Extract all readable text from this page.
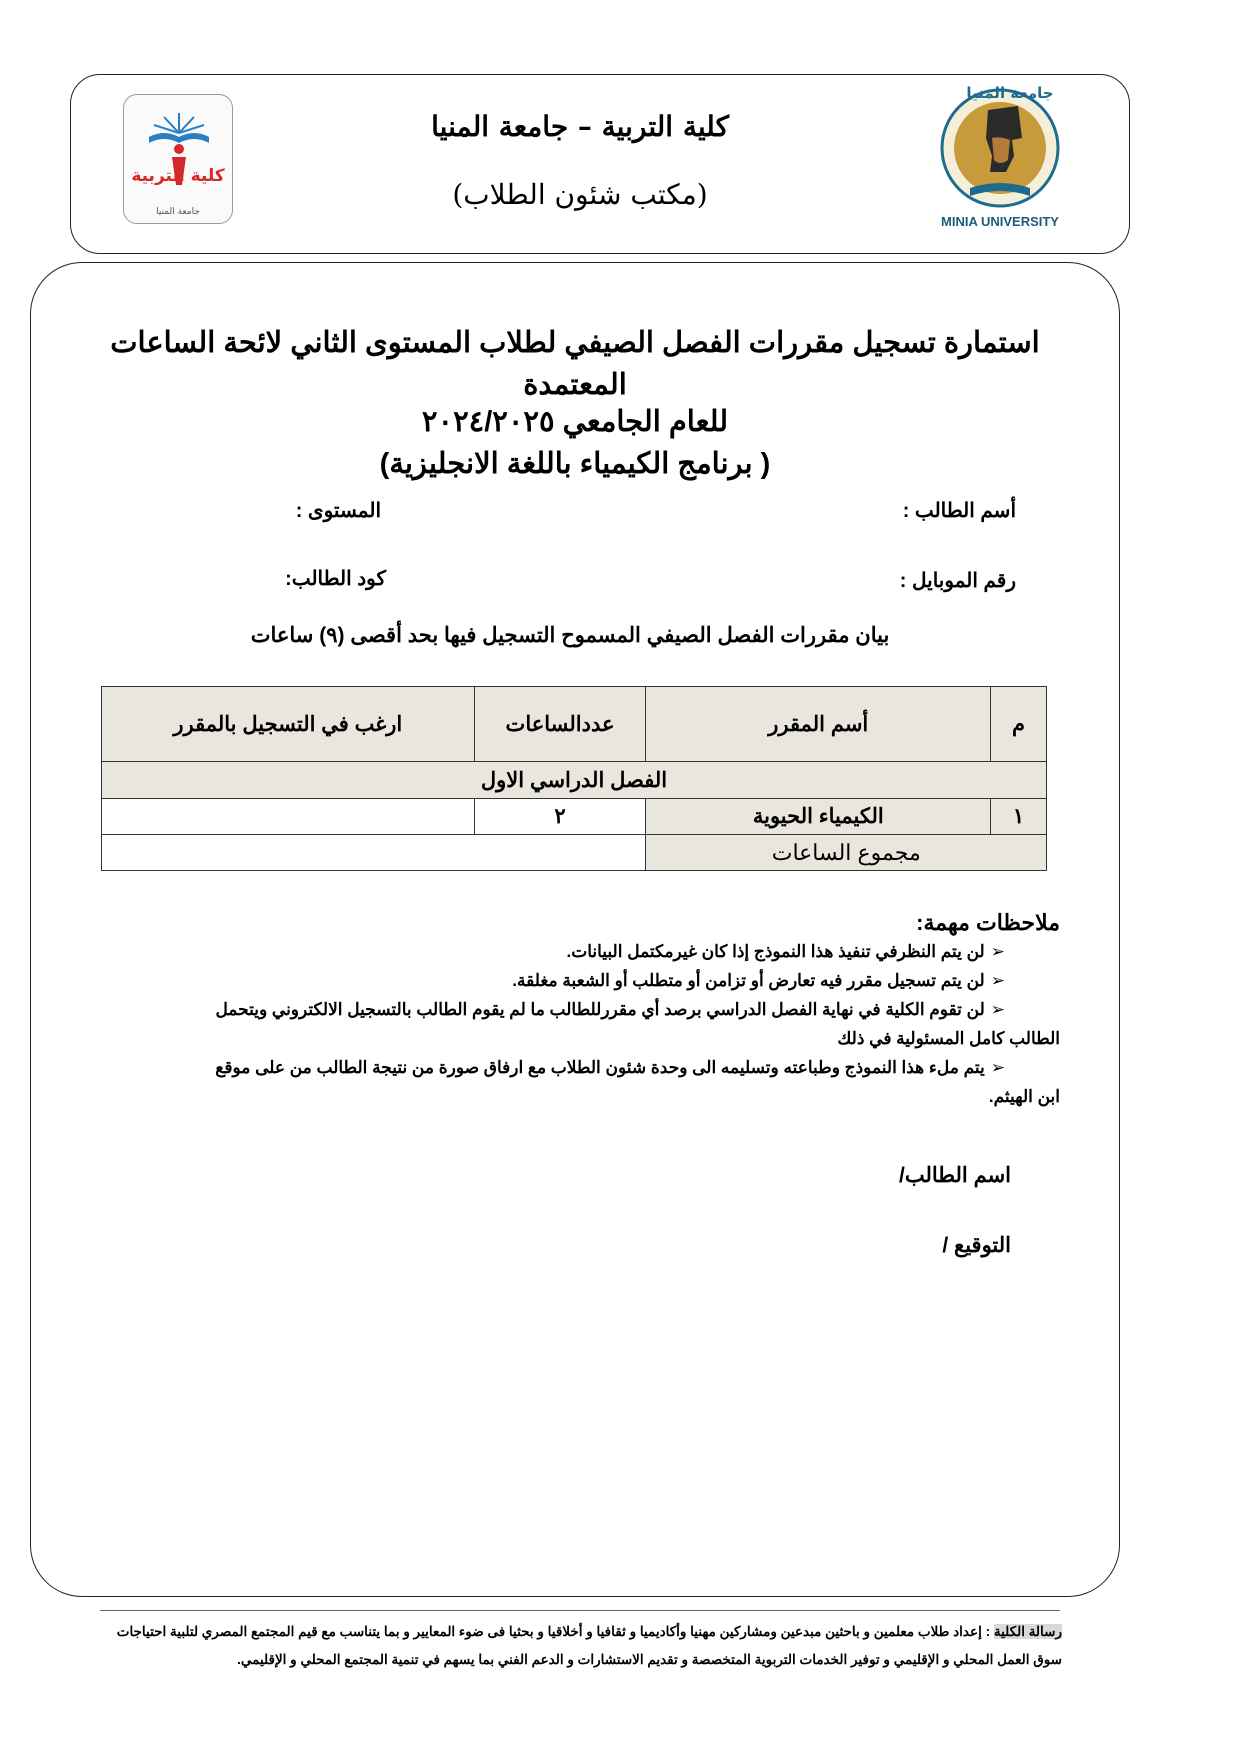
كلية التربية
جامعة المنيا
جامعة المنيا
MINIA UNIVERSITY
كلية التربية – جامعة المنيا
(مكتب شئون الطلاب)
استمارة تسجيل مقررات الفصل الصيفي لطلاب المستوى الثاني لائحة الساعات
المعتمدة
للعام الجامعي ٢٠٢٤/٢٠٢٥
( برنامج الكيمياء باللغة الانجليزية)
أسم الطالب :
المستوى :
رقم الموبايل :
كود الطالب:
بيان مقررات الفصل الصيفي المسموح التسجيل فيها بحد أقصى (٩) ساعات
م	أسم المقرر	عددالساعات	ارغب في التسجيل بالمقرر
الفصل الدراسي الاول			
١	الكيمياء الحيوية	٢	
مجموع الساعات			
ملاحظات مهمة:
➢لن يتم النظرفي تنفيذ هذا النموذج إذا كان غيرمكتمل البيانات.
➢لن يتم تسجيل مقرر فيه تعارض أو تزامن أو متطلب أو الشعبة مغلقة.
➢لن تقوم الكلية في نهاية الفصل الدراسي برصد أي مقررللطالب ما لم يقوم الطالب بالتسجيل الالكتروني ويتحمل
الطالب كامل المسئولية في ذلك
➢يتم ملء هذا النموذج وطباعته وتسليمه الى وحدة شئون الطلاب مع ارفاق صورة من نتيجة الطالب من على موقع
ابن الهيثم.
اسم الطالب/
التوقيع /
رسالة الكلية : إعداد طلاب معلمين و باحثين مبدعين ومشاركين مهنيا وأكاديميا و ثقافيا و أخلاقيا و بحثيا فى ضوء المعايير و بما يتناسب مع قيم المجتمع المصري لتلبية احتياجات سوق العمل المحلي و الإقليمي و توفير الخدمات التربوية المتخصصة و تقديم الاستشارات و الدعم الفني بما يسهم في تنمية المجتمع المحلي و الإقليمي.
